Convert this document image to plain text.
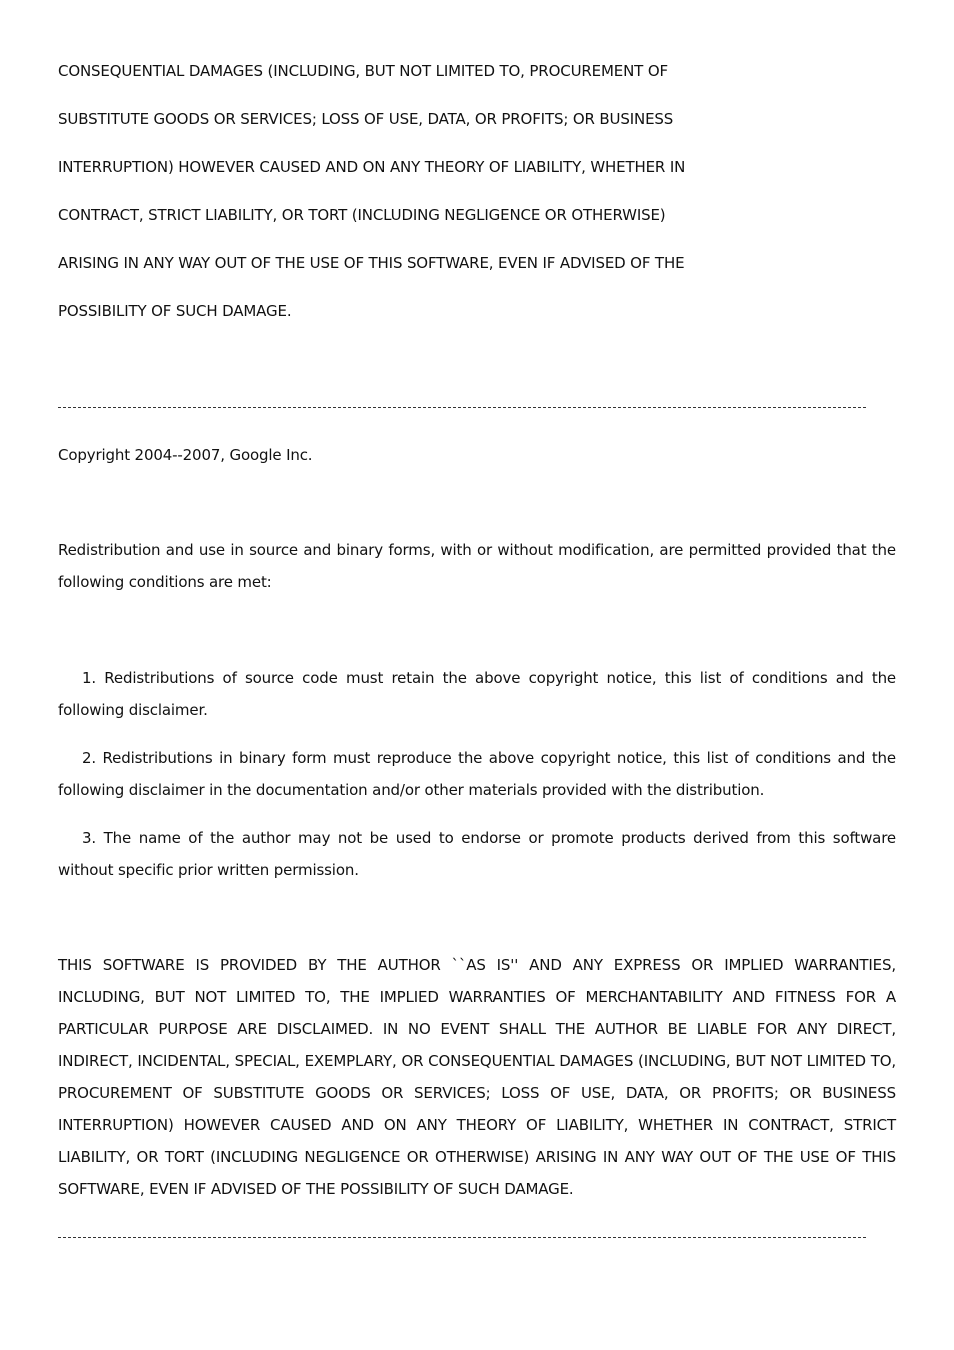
CONSEQUENTIAL DAMAGES (INCLUDING, BUT NOT LIMITED TO, PROCUREMENT OF
SUBSTITUTE GOODS OR SERVICES; LOSS OF USE, DATA, OR PROFITS; OR BUSINESS
INTERRUPTION) HOWEVER CAUSED AND ON ANY THEORY OF LIABILITY, WHETHER IN
CONTRACT, STRICT LIABILITY, OR TORT (INCLUDING NEGLIGENCE OR OTHERWISE)
ARISING IN ANY WAY OUT OF THE USE OF THIS SOFTWARE, EVEN IF ADVISED OF THE
POSSIBILITY OF SUCH DAMAGE.
Copyright 2004--2007, Google Inc.
Redistribution and use in source and binary forms, with or without modification, are permitted provided that the following conditions are met:
1. Redistributions of source code must retain the above copyright notice, this list of conditions and the following disclaimer.
2. Redistributions in binary form must reproduce the above copyright notice, this list of conditions and the following disclaimer in the documentation and/or other materials provided with the distribution.
3. The name of the author may not be used to endorse or promote products derived from this software without specific prior written permission.
THIS SOFTWARE IS PROVIDED BY THE AUTHOR ``AS IS'' AND ANY EXPRESS OR IMPLIED WARRANTIES, INCLUDING, BUT NOT LIMITED TO, THE IMPLIED WARRANTIES OF MERCHANTABILITY AND FITNESS FOR A PARTICULAR PURPOSE ARE DISCLAIMED. IN NO EVENT SHALL THE AUTHOR BE LIABLE FOR ANY DIRECT, INDIRECT, INCIDENTAL, SPECIAL, EXEMPLARY, OR CONSEQUENTIAL DAMAGES (INCLUDING, BUT NOT LIMITED TO, PROCUREMENT OF SUBSTITUTE GOODS OR SERVICES; LOSS OF USE, DATA, OR PROFITS; OR BUSINESS INTERRUPTION) HOWEVER CAUSED AND ON ANY THEORY OF LIABILITY, WHETHER IN CONTRACT, STRICT LIABILITY, OR TORT (INCLUDING NEGLIGENCE OR OTHERWISE) ARISING IN ANY WAY OUT OF THE USE OF THIS SOFTWARE, EVEN IF ADVISED OF THE POSSIBILITY OF SUCH DAMAGE.
